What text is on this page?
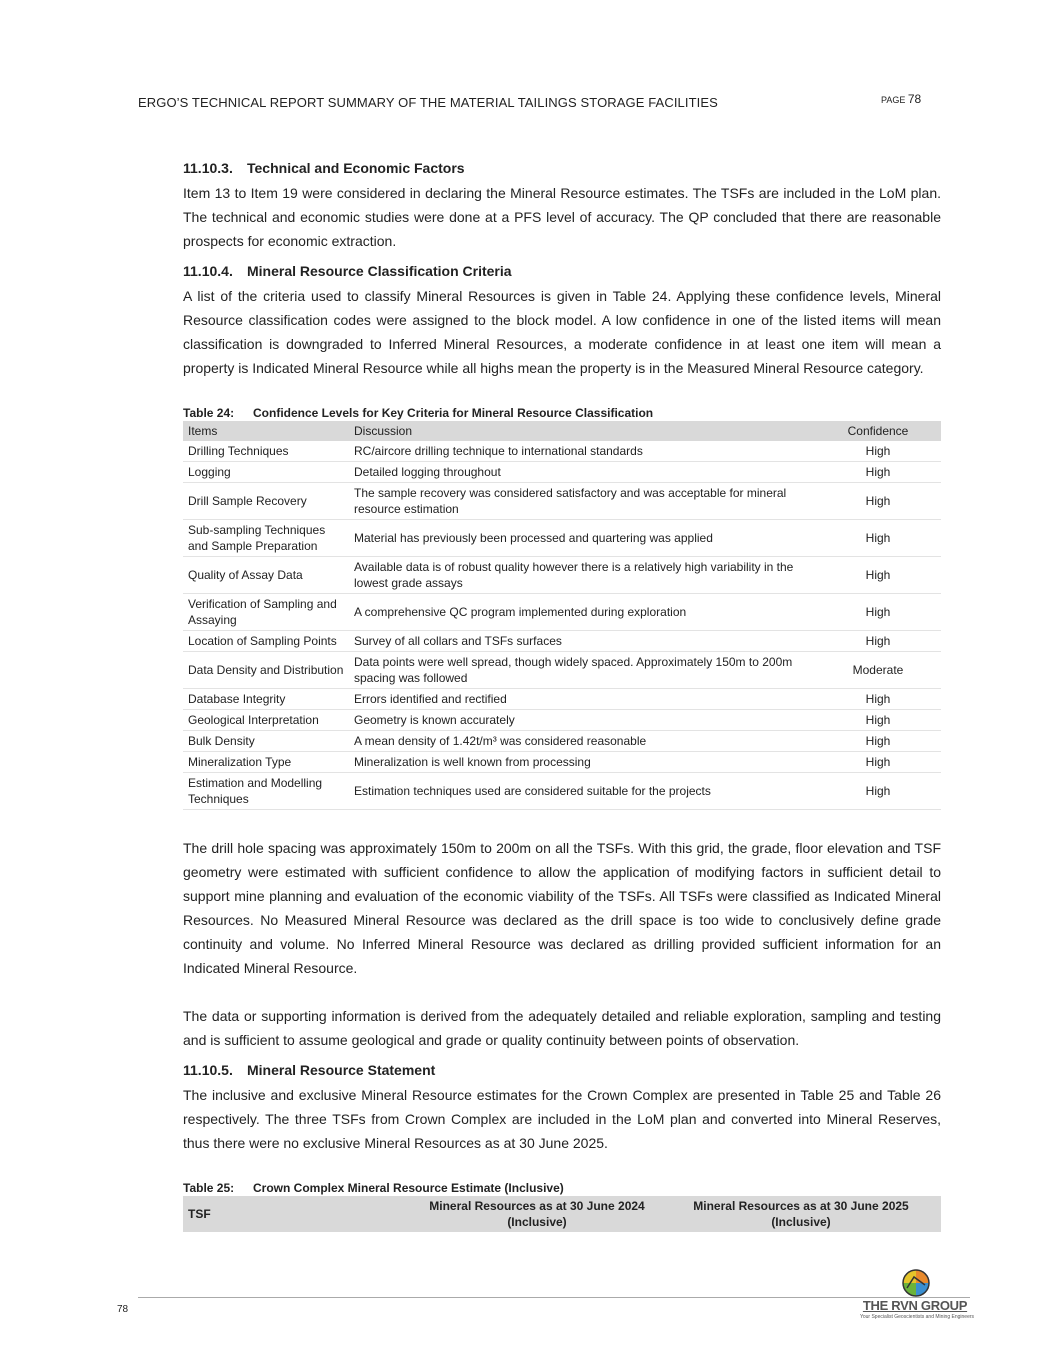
ERGO’S TECHNICAL REPORT SUMMARY OF THE MATERIAL TAILINGS STORAGE FACILITIES	PAGE 78
11.10.3. Technical and Economic Factors

Item 13 to Item 19 were considered in declaring the Mineral Resource estimates. The TSFs are included in the LoM plan. The technical and economic studies were done at a PFS level of accuracy. The QP concluded that there are reasonable prospects for economic extraction.

11.10.4. Mineral Resource Classification Criteria

A list of the criteria used to classify Mineral Resources is given in Table 24. Applying these confidence levels, Mineral Resource classification codes were assigned to the block model. A low confidence in one of the listed items will mean classification is downgraded to Inferred Mineral Resources, a moderate confidence in at least one item will mean a property is Indicated Mineral Resource while all highs mean the property is in the Measured Mineral Resource category.

Table 24: Confidence Levels for Key Criteria for Mineral Resource Classification
Items	Discussion	Confidence
Drilling Techniques	RC/aircore drilling technique to international standards	High
Logging	Detailed logging throughout	High
Drill Sample Recovery	The sample recovery was considered satisfactory and was acceptable for mineral resource estimation	High
Sub-sampling Techniques and Sample Preparation	Material has previously been processed and quartering was applied	High
Quality of Assay Data	Available data is of robust quality however there is a relatively high variability in the lowest grade assays	High
Verification of Sampling and Assaying	A comprehensive QC program implemented during exploration	High
Location of Sampling Points	Survey of all collars and TSFs surfaces	High
Data Density and Distribution	Data points were well spread, though widely spaced. Approximately 150m to 200m spacing was followed	Moderate
Database Integrity	Errors identified and rectified	High
Geological Interpretation	Geometry is known accurately	High
Bulk Density	A mean density of 1.42t/m³ was considered reasonable	High
Mineralization Type	Mineralization is well known from processing	High
Estimation and Modelling Techniques	Estimation techniques used are considered suitable for the projects	High

The drill hole spacing was approximately 150m to 200m on all the TSFs. With this grid, the grade, floor elevation and TSF geometry were estimated with sufficient confidence to allow the application of modifying factors in sufficient detail to support mine planning and evaluation of the economic viability of the TSFs. All TSFs were classified as Indicated Mineral Resources. No Measured Mineral Resource was declared as the drill space is too wide to conclusively define grade continuity and volume. No Inferred Mineral Resource was declared as drilling provided sufficient information for an Indicated Mineral Resource.

The data or supporting information is derived from the adequately detailed and reliable exploration, sampling and testing and is sufficient to assume geological and grade or quality continuity between points of observation.

11.10.5. Mineral Resource Statement

The inclusive and exclusive Mineral Resource estimates for the Crown Complex are presented in Table 25 and Table 26 respectively. The three TSFs from Crown Complex are included in the LoM plan and converted into Mineral Reserves, thus there were no exclusive Mineral Resources as at 30 June 2025.

Table 25: Crown Complex Mineral Resource Estimate (Inclusive)
TSF	Mineral Resources as at 30 June 2024 (Inclusive)	Mineral Resources as at 30 June 2025 (Inclusive)
78	THE RVN GROUP
Your Specialist Geoscientists and Mining Engineers
